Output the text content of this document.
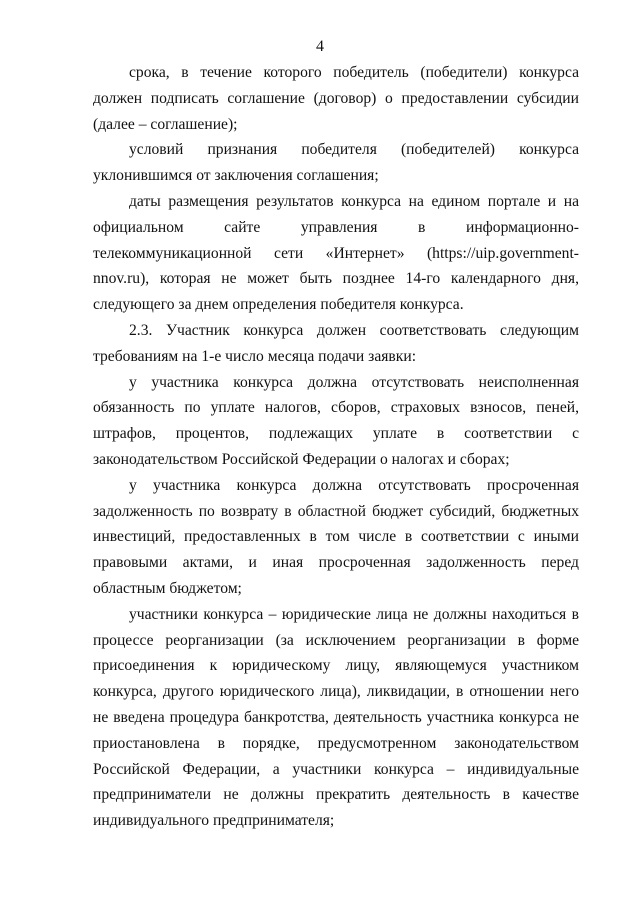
4

срока, в течение которого победитель (победители) конкурса должен подписать соглашение (договор) о предоставлении субсидии (далее – соглашение);

условий признания победителя (победителей) конкурса уклонившимся от заключения соглашения;

даты размещения результатов конкурса на едином портале и на официальном сайте управления в информационно-телекоммуникационной сети «Интернет» (https://uip.government-nnov.ru), которая не может быть позднее 14-го календарного дня, следующего за днем определения победителя конкурса.

2.3. Участник конкурса должен соответствовать следующим требованиям на 1-е число месяца подачи заявки:

у участника конкурса должна отсутствовать неисполненная обязанность по уплате налогов, сборов, страховых взносов, пеней, штрафов, процентов, подлежащих уплате в соответствии с законодательством Российской Федерации о налогах и сборах;

у участника конкурса должна отсутствовать просроченная задолженность по возврату в областной бюджет субсидий, бюджетных инвестиций, предоставленных в том числе в соответствии с иными правовыми актами, и иная просроченная задолженность перед областным бюджетом;

участники конкурса – юридические лица не должны находиться в процессе реорганизации (за исключением реорганизации в форме присоединения к юридическому лицу, являющемуся участником конкурса, другого юридического лица), ликвидации, в отношении него не введена процедура банкротства, деятельность участника конкурса не приостановлена в порядке, предусмотренном законодательством Российской Федерации, а участники конкурса – индивидуальные предприниматели не должны прекратить деятельность в качестве индивидуального предпринимателя;
